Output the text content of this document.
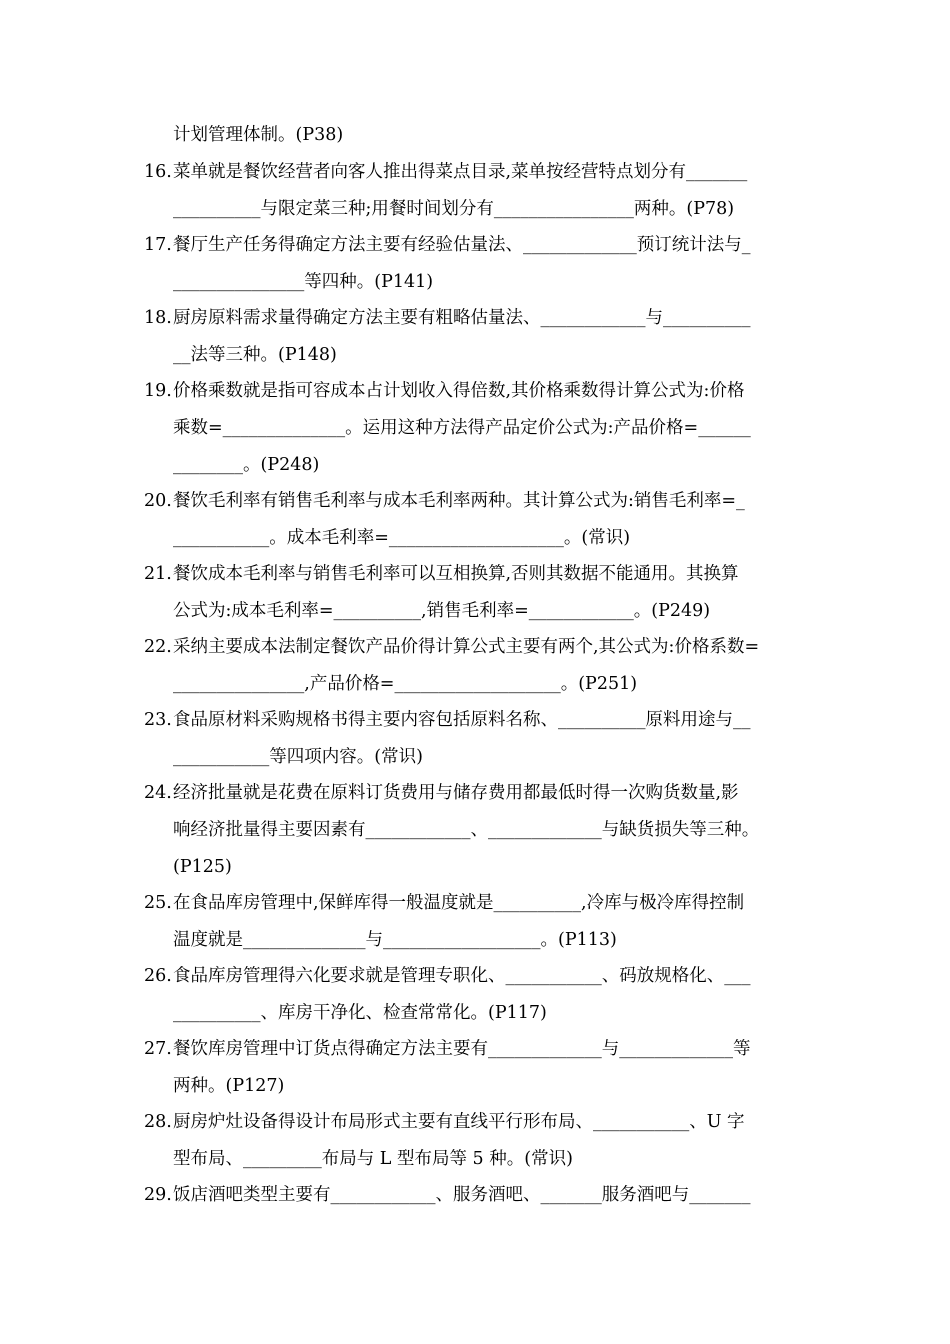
计划管理体制。(P38)
16. 菜单就是餐饮经营者向客人推出得菜点目录,菜单按经营特点划分有_______
__________与限定菜三种;用餐时间划分有________________两种。(P78)
17. 餐厅生产任务得确定方法主要有经验估量法、_____________预订统计法与_
_______________等四种。(P141)
18. 厨房原料需求量得确定方法主要有粗略估量法、____________与__________
__法等三种。(P148)
19. 价格乘数就是指可容成本占计划收入得倍数,其价格乘数得计算公式为:价格
乘数=______________。运用这种方法得产品定价公式为:产品价格=______
________。(P248)
20. 餐饮毛利率有销售毛利率与成本毛利率两种。其计算公式为:销售毛利率=_
___________。成本毛利率=____________________。(常识)
21. 餐饮成本毛利率与销售毛利率可以互相换算,否则其数据不能通用。其换算
公式为:成本毛利率=__________,销售毛利率=____________。(P249)
22. 采纳主要成本法制定餐饮产品价得计算公式主要有两个,其公式为:价格系数=
_______________,产品价格=___________________。(P251)
23. 食品原材料采购规格书得主要内容包括原料名称、__________原料用途与__
___________等四项内容。(常识)
24. 经济批量就是花费在原料订货费用与储存费用都最低时得一次购货数量,影
响经济批量得主要因素有____________、_____________与缺货损失等三种。
(P125)
25. 在食品库房管理中,保鲜库得一般温度就是__________,冷库与极冷库得控制
温度就是______________与__________________。(P113)
26. 食品库房管理得六化要求就是管理专职化、___________、码放规格化、___
__________、库房干净化、检查常常化。(P117)
27. 餐饮库房管理中订货点得确定方法主要有_____________与_____________等
两种。(P127)
28. 厨房炉灶设备得设计布局形式主要有直线平行形布局、___________、U 字
型布局、_________布局与 L 型布局等 5 种。(常识)
29. 饭店酒吧类型主要有____________、服务酒吧、_______服务酒吧与_______
